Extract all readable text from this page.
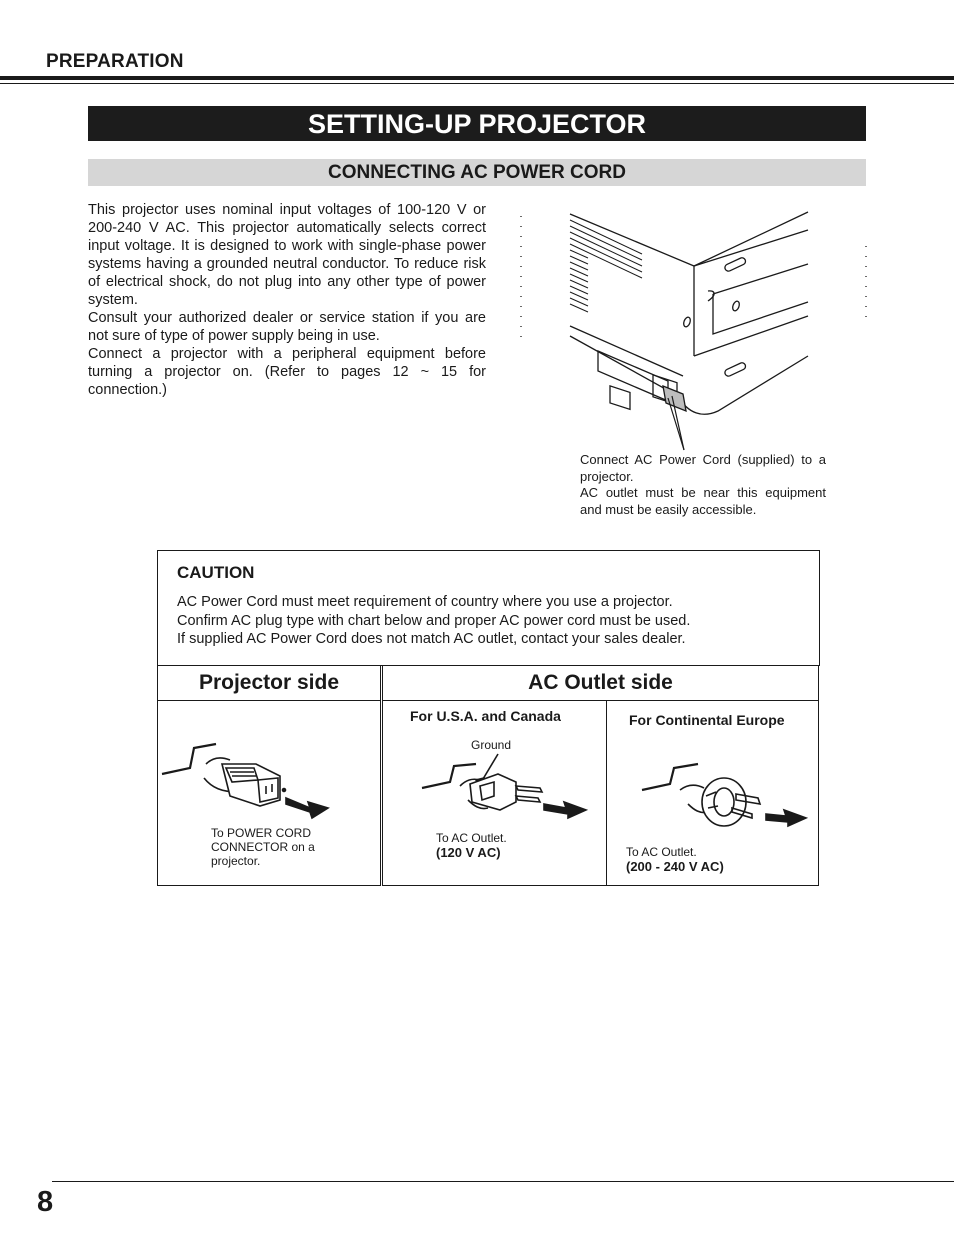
PREPARATION
SETTING-UP PROJECTOR
CONNECTING AC POWER CORD

This projector uses nominal input voltages of 100-120 V or 200-240 V AC. This projector automatically selects correct input voltage. It is designed to work with single-phase power systems having a grounded neutral conductor. To reduce risk of electrical shock, do not plug into any other type of power system.

Consult your authorized dealer or service station if you are not sure of type of power supply being in use.

Connect a projector with a peripheral equipment before turning a projector on. (Refer to pages 12 ~ 15 for connection.)

Connect AC Power Cord (supplied) to a projector.

AC outlet must be near this equipment and must be easily accessible.

CAUTION

AC Power Cord must meet requirement of country where you use a projector.

Confirm AC plug type with chart below and proper AC power cord must be used.

If supplied AC Power Cord does not match AC outlet, contact your sales dealer.

Projector side	AC Outlet side
To POWER CORD
CONNECTOR on a
projector.
For U.S.A. and Canada
Ground
To AC Outlet.
(120 V AC)
For Continental Europe
To AC Outlet.
(200 - 240 V AC)
8
